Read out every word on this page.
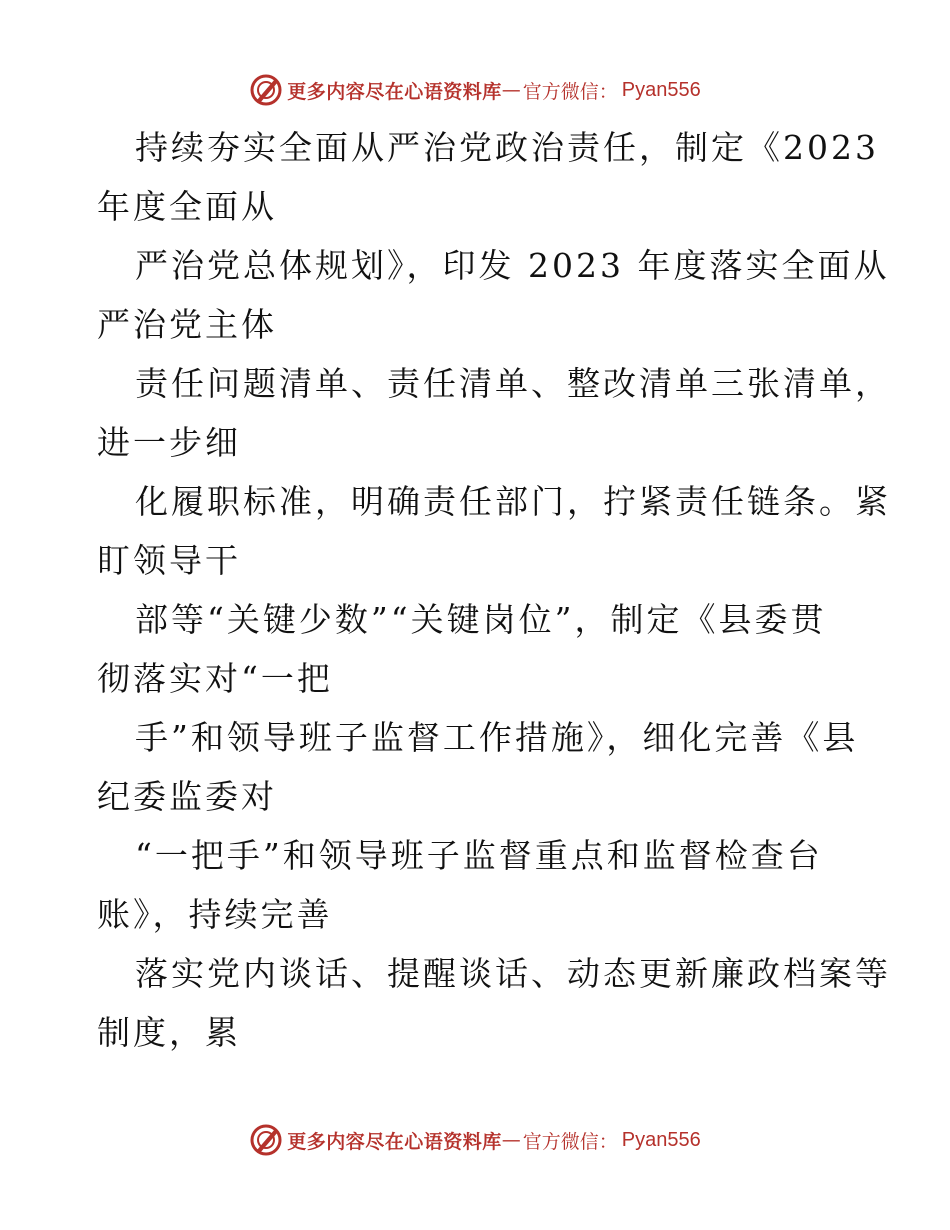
更多内容尽在心语资料库 — 官方微信： Pyan556
持续夯实全面从严治党政治责任，制定《2023
年度全面从
严治党总体规划》，印发 2023 年度落实全面从
严治党主体
责任问题清单、责任清单、整改清单三张清单，
进一步细
化履职标准，明确责任部门，拧紧责任链条。紧
盯领导干
部等“关键少数”“关键岗位”，制定《县委贯
彻落实对“一把
手”和领导班子监督工作措施》，细化完善《县
纪委监委对
“一把手”和领导班子监督重点和监督检查台
账》，持续完善
落实党内谈话、提醒谈话、动态更新廉政档案等
制度，累
更多内容尽在心语资料库 — 官方微信： Pyan556
